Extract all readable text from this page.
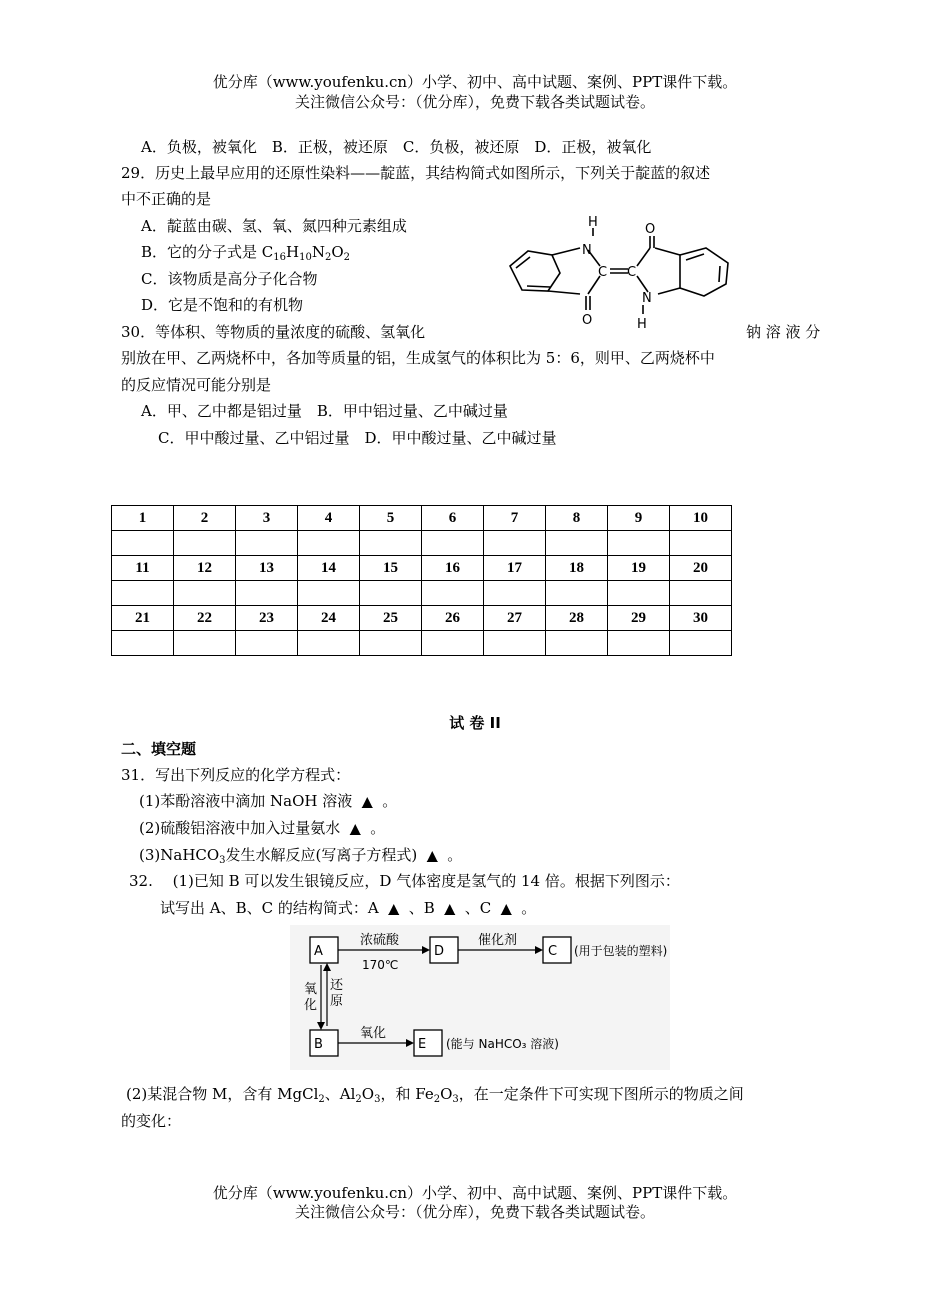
优分库（www.youfenku.cn）小学、初中、高中试题、案例、PPT课件下载。
关注微信公众号：（优分库），免费下载各类试题试卷。
A．负极，被氧化　B．正极，被还原　C．负极，被还原　D．正极，被氧化
29．历史上最早应用的还原性染料——靛蓝，其结构简式如图所示，下列关于靛蓝的叙述
中不正确的是
A．靛蓝由碳、氢、氧、氮四种元素组成
B．它的分子式是 $C_{16}H_{10}N_2O_2$
C．该物质是高分子化合物
D．它是不饱和的有机物
H
N
O
C C
O
N
H
30．等体积、等物质的量浓度的硫酸、氢氧化	钠 溶 液 分
别放在甲、乙两烧杯中，各加等质量的铝，生成氢气的体积比为 5：6，则甲、乙两烧杯中
的反应情况可能分别是
A．甲、乙中都是铝过量　B．甲中铝过量、乙中碱过量
C．甲中酸过量、乙中铝过量　D．甲中酸过量、乙中碱过量
1	2	3	4	5	6	7	8	9	10

11	12	13	14	15	16	17	18	19	20

21	22	23	24	25	26	27	28	29	30

试 卷 II
二、填空题
31．写出下列反应的化学方程式：
(1)苯酚溶液中滴加 NaOH 溶液 ▲ 。
(2)硫酸铝溶液中加入过量氨水 ▲ 。
(3)NaHCO$_3$发生水解反应(写离子方程式) ▲ 。
32.　 (1)已知 B 可以发生银镜反应，D 气体密度是氢气的 14 倍。根据下列图示：
试写出 A、B、C 的结构简式：A ▲ 、B ▲ 、C ▲ 。
A	D	C
B	E
浓硫酸
170℃
催化剂
(用于包装的塑料)
氧
化
还
原
氧化
(能与 NaHCO₃ 溶液)
(2)某混合物 M，含有 MgCl$_2$、$Al_2O_3$，和 $Fe_2O_3$，在一定条件下可实现下图所示的物质之间
的变化：
优分库（www.youfenku.cn）小学、初中、高中试题、案例、PPT课件下载。
关注微信公众号：（优分库），免费下载各类试题试卷。
